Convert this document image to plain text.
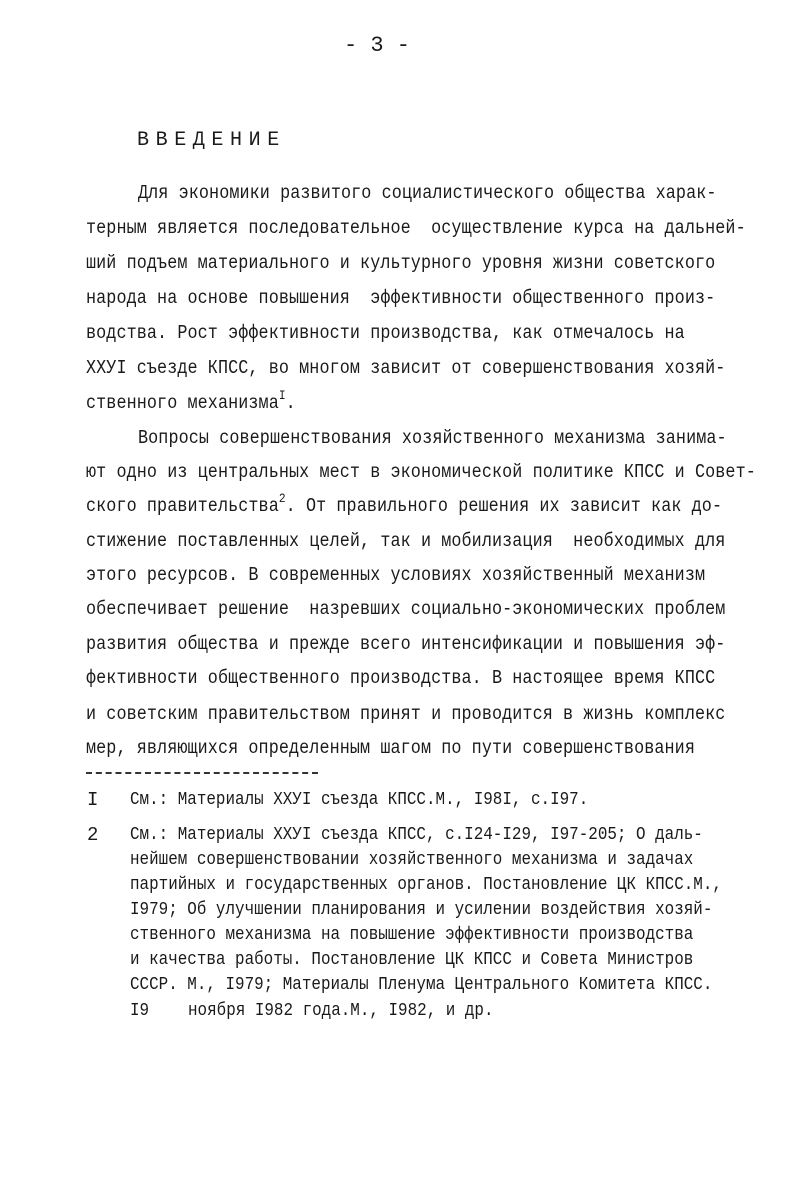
- 3 -
ВВЕДЕНИЕ
Для экономики развитого социалистического общества харак-
терным является последовательное  осуществление курса на дальней-
ший подъем материального и культурного уровня жизни советского
народа на основе повышения  эффективности общественного произ-
водства. Рост эффективности производства, как отмечалось на
ХХУI съезде КПСС, во многом зависит от совершенствования хозяй-
ственного механизма$^I$.
Вопросы совершенствования хозяйственного механизма занима-
ют одно из центральных мест в экономической политике КПСС и Совет-
ского правительства$^2$. От правильного решения их зависит как до-
стижение поставленных целей, так и мобилизация  необходимых для
этого ресурсов. В современных условиях хозяйственный механизм
обеспечивает решение  назревших социально-экономических проблем
развития общества и прежде всего интенсификации и повышения эф-
фективности общественного производства. В настоящее время КПСС
и советским правительством принят и проводится в жизнь комплекс
мер, являющихся определенным шагом по пути совершенствования
I См.: Материалы ХХУI съезда КПСС.М., I98I, с.I97.
2 См.: Материалы ХХУI съезда КПСС, с.I24-I29, I97-205; О даль-
нейшем совершенствовании хозяйственного механизма и задачах
партийных и государственных органов. Постановление ЦК КПСС.М.,
I979; Об улучшении планирования и усилении воздействия хозяй-
ственного механизма на повышение эффективности производства
и качества работы. Постановление ЦК КПСС и Совета Министров
СССР. М., I979; Материалы Пленума Центрального Комитета КПСС.
I9 ноября I982 года.М., I982, и др.
